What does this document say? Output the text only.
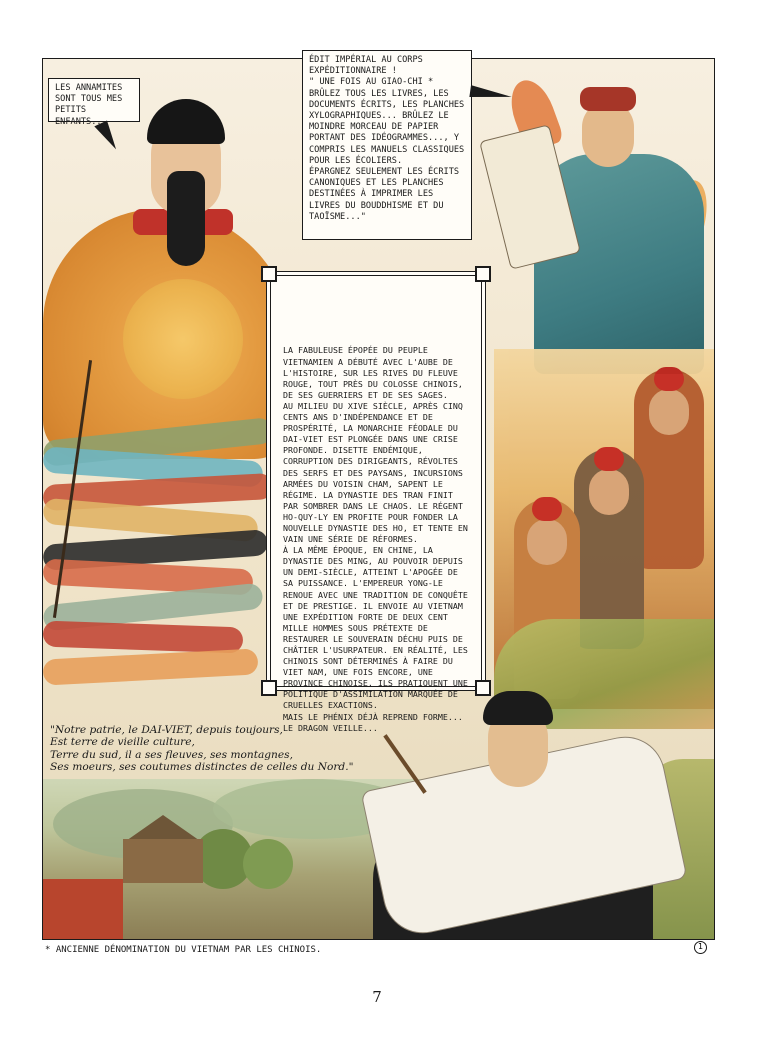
LES ANNAMITES SONT TOUS MES PETITS ENFANTS...
ÉDIT IMPÉRIAL AU CORPS EXPÉDITIONNAIRE !
" UNE FOIS AU GIAO-CHI * BRÛLEZ TOUS LES LIVRES, LES DOCUMENTS ÉCRITS, LES PLANCHES XYLOGRAPHIQUES... BRÛLEZ LE MOINDRE MORCEAU DE PAPIER PORTANT DES IDÉOGRAMMES..., Y COMPRIS LES MANUELS CLASSIQUES POUR LES ÉCOLIERS.
ÉPARGNEZ SEULEMENT LES ÉCRITS CANONIQUES ET LES PLANCHES DESTINÉES À IMPRIMER LES LIVRES DU BOUDDHISME ET DU TAOÏSME..."

LA FABULEUSE ÉPOPÉE DU PEUPLE VIETNAMIEN A DÉBUTÉ AVEC L'AUBE DE L'HISTOIRE, SUR LES RIVES DU FLEUVE ROUGE, TOUT PRÈS DU COLOSSE CHINOIS, DE SES GUERRIERS ET DE SES SAGES.
AU MILIEU DU XIVE SIÈCLE, APRÈS CINQ CENTS ANS D'INDÉPENDANCE ET DE PROSPÉRITÉ, LA MONARCHIE FÉODALE DU DAI-VIET EST PLONGÉE DANS UNE CRISE PROFONDE. DISETTE ENDÉMIQUE, CORRUPTION DES DIRIGEANTS, RÉVOLTES DES SERFS ET DES PAYSANS, INCURSIONS ARMÉES DU VOISIN CHAM, SAPENT LE RÉGIME. LA DYNASTIE DES TRAN FINIT PAR SOMBRER DANS LE CHAOS. LE RÉGENT HO-QUY-LY EN PROFITE POUR FONDER LA NOUVELLE DYNASTIE DES HO, ET TENTE EN VAIN UNE SÉRIE DE RÉFORMES.
À LA MÊME ÉPOQUE, EN CHINE, LA DYNASTIE DES MING, AU POUVOIR DEPUIS UN DEMI-SIÈCLE, ATTEINT L'APOGÉE DE SA PUISSANCE. L'EMPEREUR YONG-LE RENOUE AVEC UNE TRADITION DE CONQUÊTE ET DE PRESTIGE. IL ENVOIE AU VIETNAM UNE EXPÉDITION FORTE DE DEUX CENT MILLE HOMMES SOUS PRÉTEXTE DE RESTAURER LE SOUVERAIN DÉCHU PUIS DE CHÂTIER L'USURPATEUR. EN RÉALITÉ, LES CHINOIS SONT DÉTERMINÉS À FAIRE DU VIET NAM, UNE FOIS ENCORE, UNE PROVINCE CHINOISE. ILS PRATIQUENT UNE POLITIQUE D'ASSIMILATION MARQUÉE DE CRUELLES EXACTIONS.
MAIS LE PHÉNIX DÉJÀ REPREND FORME... LE DRAGON VEILLE...

"Notre patrie, le DAI-VIET, depuis toujours,
Est terre de vieille culture,
Terre du sud, il a ses fleuves, ses montagnes,
Ses moeurs, ses coutumes distinctes de celles du Nord."
* ANCIENNE DÉNOMINATION DU VIETNAM PAR LES CHINOIS.	1
7
